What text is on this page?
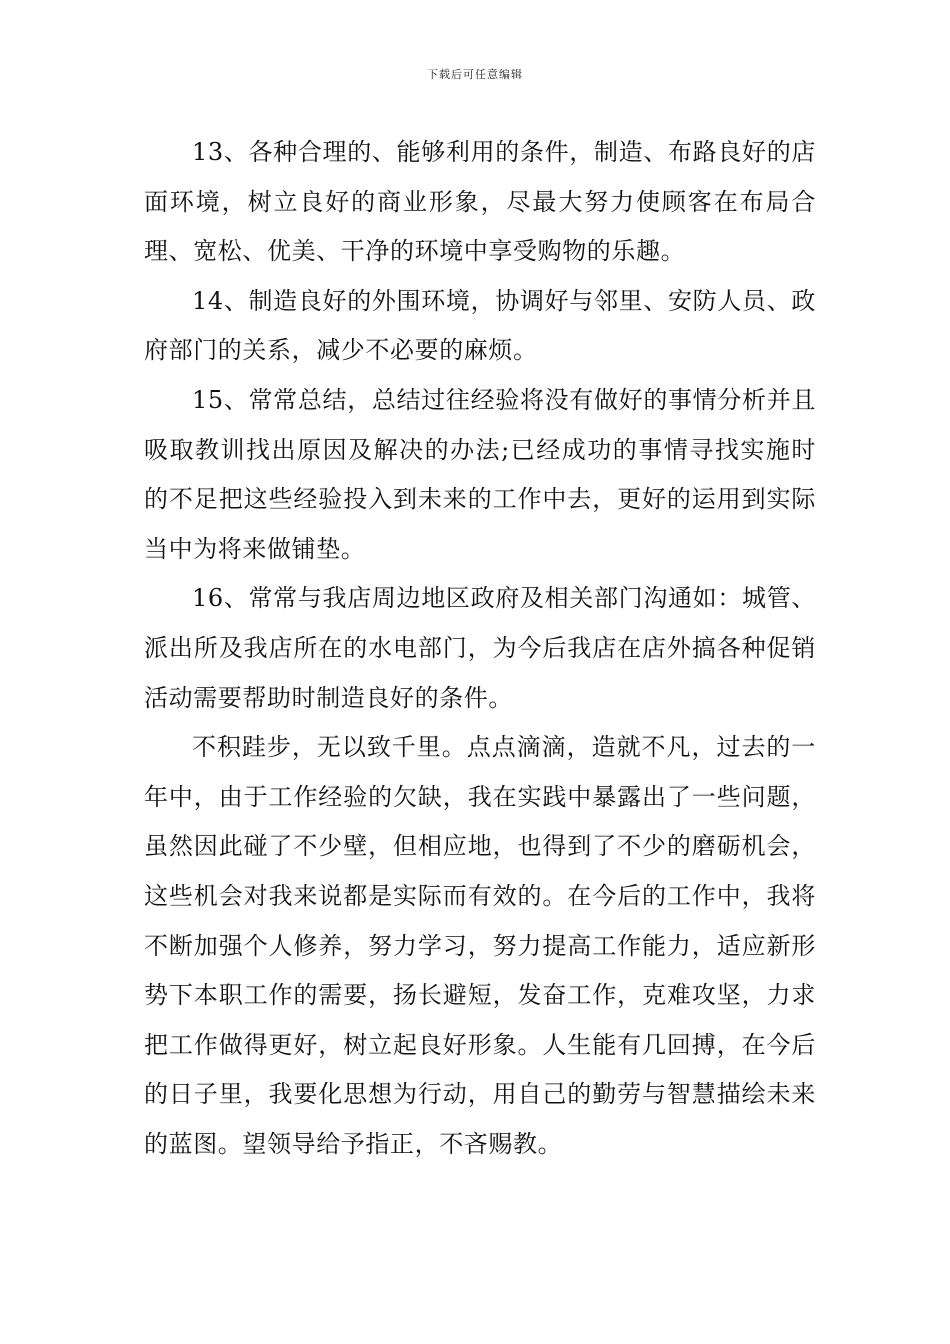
下载后可任意编辑

13、各种合理的、能够利用的条件，制造、布路良好的店面环境，树立良好的商业形象，尽最大努力使顾客在布局合理、宽松、优美、干净的环境中享受购物的乐趣。

14、制造良好的外围环境，协调好与邻里、安防人员、政府部门的关系，减少不必要的麻烦。

15、常常总结，总结过往经验将没有做好的事情分析并且吸取教训找出原因及解决的办法;已经成功的事情寻找实施时的不足把这些经验投入到未来的工作中去，更好的运用到实际当中为将来做铺垫。

16、常常与我店周边地区政府及相关部门沟通如：城管、派出所及我店所在的水电部门，为今后我店在店外搞各种促销活动需要帮助时制造良好的条件。

不积跬步，无以致千里。点点滴滴，造就不凡，过去的一年中，由于工作经验的欠缺，我在实践中暴露出了一些问题，虽然因此碰了不少壁，但相应地，也得到了不少的磨砺机会，这些机会对我来说都是实际而有效的。在今后的工作中，我将不断加强个人修养，努力学习，努力提高工作能力，适应新形势下本职工作的需要，扬长避短，发奋工作，克难攻坚，力求把工作做得更好，树立起良好形象。人生能有几回搏，在今后的日子里，我要化思想为行动，用自己的勤劳与智慧描绘未来的蓝图。望领导给予指正，不吝赐教。
